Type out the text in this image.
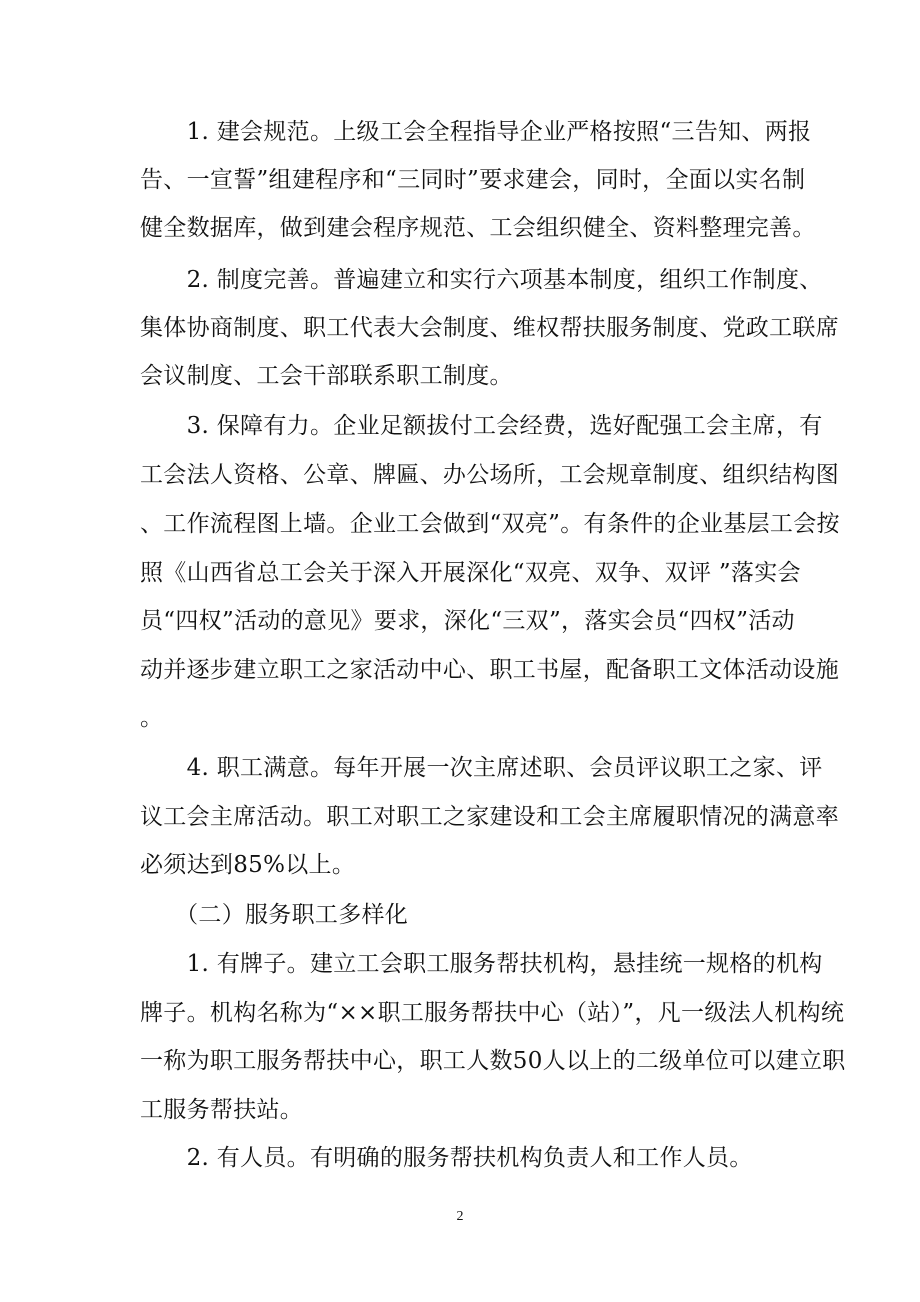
　　1. 建会规范。上级工会全程指导企业严格按照“三告知、两报
告、一宣誓”组建程序和“三同时”要求建会，同时，全面以实名制
健全数据库，做到建会程序规范、工会组织健全、资料整理完善。
　　2. 制度完善。普遍建立和实行六项基本制度，组织工作制度、
集体协商制度、职工代表大会制度、维权帮扶服务制度、党政工联席
会议制度、工会干部联系职工制度。
　　3. 保障有力。企业足额拔付工会经费，选好配强工会主席，有
工会法人资格、公章、牌匾、办公场所，工会规章制度、组织结构图
、工作流程图上墙。企业工会做到“双亮”。有条件的企业基层工会按
照《山西省总工会关于深入开展深化“双亮、双争、双评 ”落实会
员“四权”活动的意见》要求，深化“三双”，落实会员“四权”活动
动并逐步建立职工之家活动中心、职工书屋，配备职工文体活动设施
。
　　4. 职工满意。每年开展一次主席述职、会员评议职工之家、评
议工会主席活动。职工对职工之家建设和工会主席履职情况的满意率
必须达到85%以上。
　　（二）服务职工多样化
　　1. 有牌子。建立工会职工服务帮扶机构，悬挂统一规格的机构
牌子。机构名称为“××职工服务帮扶中心（站）”，凡一级法人机构统
一称为职工服务帮扶中心，职工人数50人以上的二级单位可以建立职
工服务帮扶站。
　　2. 有人员。有明确的服务帮扶机构负责人和工作人员。
2
